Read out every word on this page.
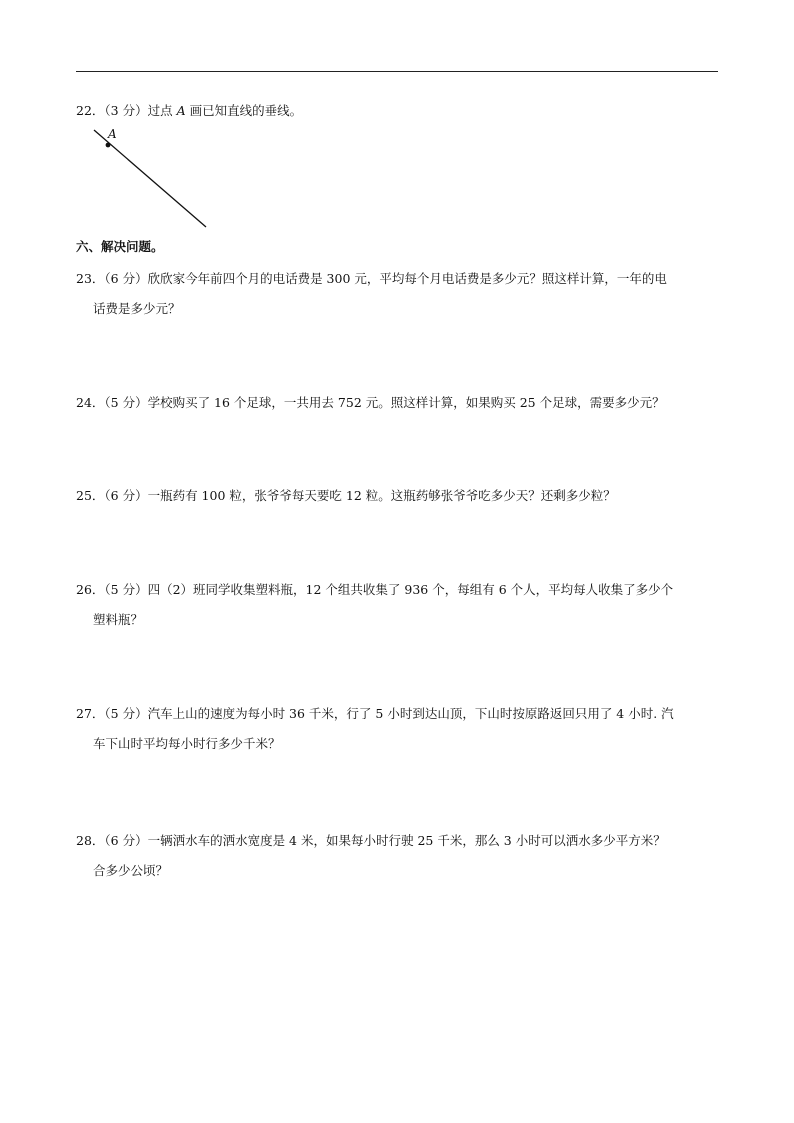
22．（3 分）过点 A 画已知直线的垂线。
A
六、解决问题。
23．（6 分）欣欣家今年前四个月的电话费是 300 元，平均每个月电话费是多少元？照这样计算，一年的电
话费是多少元？
24．（5 分）学校购买了 16 个足球，一共用去 752 元。照这样计算，如果购买 25 个足球，需要多少元？
25．（6 分）一瓶药有 100 粒，张爷爷每天要吃 12 粒。这瓶药够张爷爷吃多少天？还剩多少粒？
26．（5 分）四（2）班同学收集塑料瓶，12 个组共收集了 936 个，每组有 6 个人，平均每人收集了多少个
塑料瓶？
27．（5 分）汽车上山的速度为每小时 36 千米，行了 5 小时到达山顶，下山时按原路返回只用了 4 小时. 汽
车下山时平均每小时行多少千米？
28．（6 分）一辆洒水车的洒水宽度是 4 米，如果每小时行驶 25 千米，那么 3 小时可以洒水多少平方米？
合多少公顷？
